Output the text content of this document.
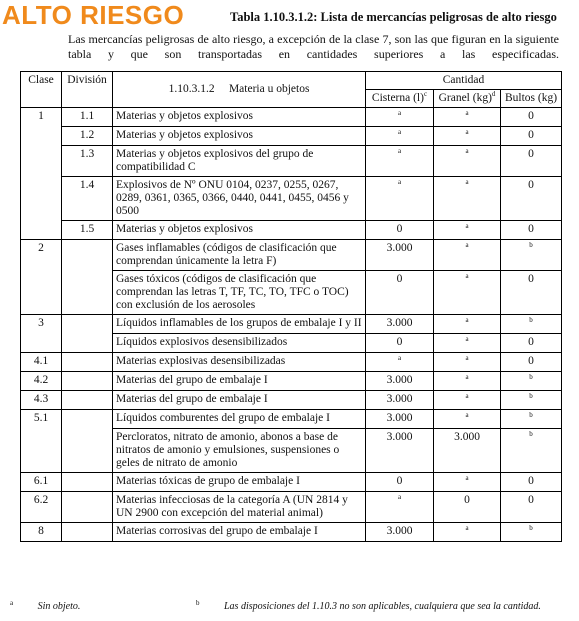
ALTO RIESGO	Tabla 1.10.3.1.2: Lista de mercancías peligrosas de alto riesgo
Las mercancías peligrosas de alto riesgo, a excepción de la clase 7, son las que figuran en la siguiente tabla y que son transportadas en cantidades superiores a las especificadas.
Clase	División	1.10.3.1.2     Materia u objetos	Cantidad		
			Cisterna $(l)^c$	Granel (kg)$^d$	Bultos (kg)
1	1.1	Materias y objetos explosivos	a	a	0
	1.2	Materias y objetos explosivos	a	a	0
	1.3	Materias y objetos explosivos del grupo de compatibilidad C	a	a	0
	1.4	Explosivos de Nº ONU 0104, 0237, 0255, 0267, 0289, 0361, 0365, 0366, 0440, 0441, 0455, 0456 y 0500	a	a	0
	1.5	Materias y objetos explosivos	0	a	0
2		Gases inflamables (códigos de clasificación que comprendan únicamente la letra F)	3.000	a	b
		Gases tóxicos (códigos de clasificación que comprendan las letras T, TF, TC, TO, TFC o TOC) con exclusión de los aerosoles	0	a	0
3		Líquidos inflamables de los grupos de embalaje I y II	3.000	a	b
		Líquidos explosivos desensibilizados	0	a	0
4.1		Materias explosivas desensibilizadas	a	a	0
4.2		Materias del grupo de embalaje I	3.000	a	b
4.3		Materias del grupo de embalaje I	3.000	a	b
5.1		Líquidos comburentes del grupo de embalaje I	3.000	a	b
		Percloratos, nitrato de amonio, abonos a base de nitratos de amonio y emulsiones, suspensiones o geles de nitrato de amonio	3.000	3.000	b
6.1		Materias tóxicas de grupo de embalaje I	0	a	0
6.2		Materias infecciosas de la categoría A (UN 2814 y UN 2900 con excepción del material animal)	a	0	0
8		Materias corrosivas del grupo de embalaje I	3.000	a	b
$^a$ Sin objeto.	$^b$ Las disposiciones del 1.10.3 no son aplicables, cualquiera que sea la cantidad.
